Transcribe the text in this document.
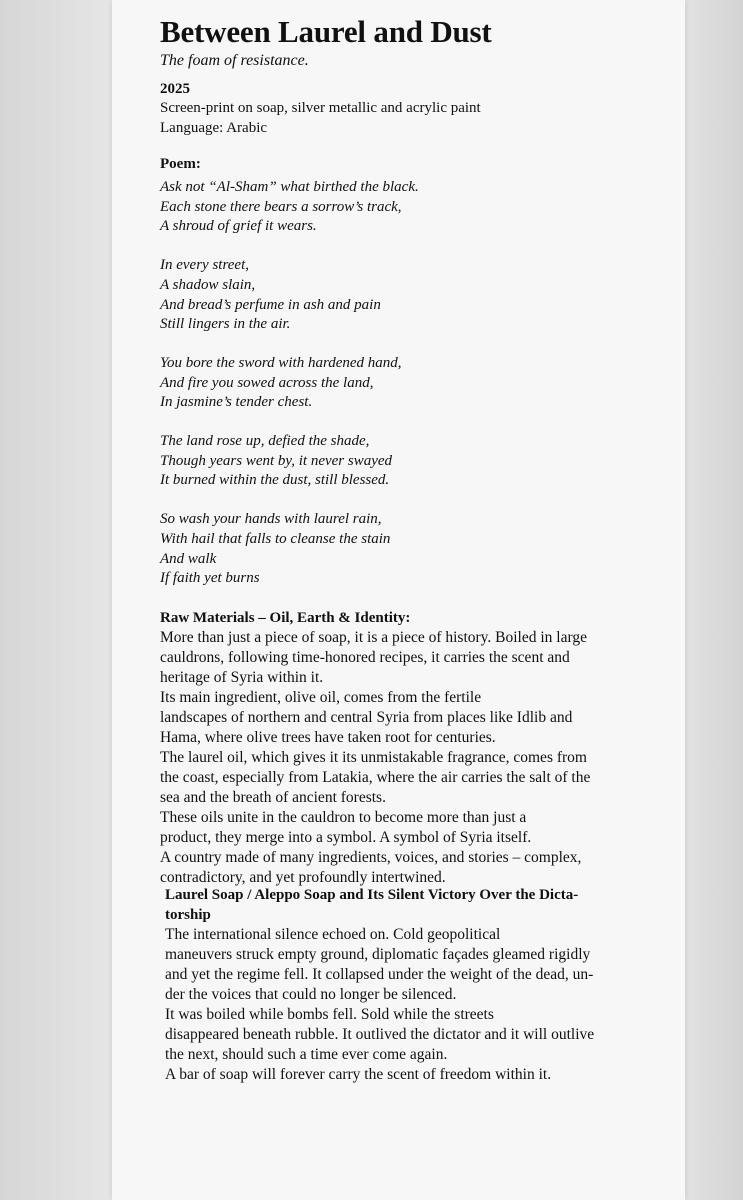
Between Laurel and Dust

The foam of resistance.

2025

Screen-print on soap, silver metallic and acrylic paint

Language: Arabic

Poem:

Ask not “Al-Sham” what birthed the black.
Each stone there bears a sorrow’s track,
A shroud of grief it wears.
In every street,
A shadow slain,
And bread’s perfume in ash and pain
Still lingers in the air.
You bore the sword with hardened hand,
And fire you sowed across the land,
In jasmine’s tender chest.
The land rose up, defied the shade,
Though years went by, it never swayed
It burned within the dust, still blessed.
So wash your hands with laurel rain,
With hail that falls to cleanse the stain
And walk
If faith yet burns

Raw Materials – Oil, Earth & Identity:

More than just a piece of soap, it is a piece of history. Boiled in large

cauldrons, following time-honored recipes, it carries the scent and

heritage of Syria within it.

Its main ingredient, olive oil, comes from the fertile

landscapes of northern and central Syria from places like Idlib and

Hama, where olive trees have taken root for centuries.

The laurel oil, which gives it its unmistakable fragrance, comes from

the coast, especially from Latakia, where the air carries the salt of the

sea and the breath of ancient forests.

These oils unite in the cauldron to become more than just a

product, they merge into a symbol. A symbol of Syria itself.

A country made of many ingredients, voices, and stories – complex,

contradictory, and yet profoundly intertwined.

Laurel Soap / Aleppo Soap and Its Silent Victory Over the Dicta-

torship

The international silence echoed on. Cold geopolitical

maneuvers struck empty ground, diplomatic façades gleamed rigidly

and yet the regime fell. It collapsed under the weight of the dead, un-

der the voices that could no longer be silenced.

It was boiled while bombs fell. Sold while the streets

disappeared beneath rubble. It outlived the dictator and it will outlive

the next, should such a time ever come again.

A bar of soap will forever carry the scent of freedom within it.
